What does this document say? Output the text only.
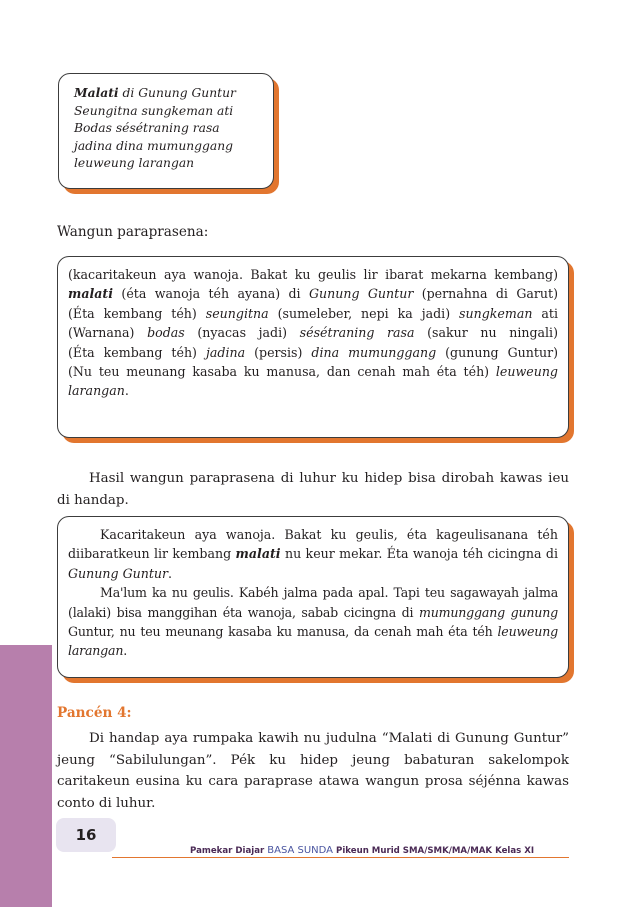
Malati di Gunung Guntur
Seungitna sungkeman ati
Bodas sésétraning rasa
jadina dina mumunggang
leuweung larangan
Wangun paraprasena:

(kacaritakeun aya wanoja. Bakat ku geulis lir ibarat mekarna kembang)

malati (éta wanoja téh ayana) di Gunung Guntur (pernahna di Garut)

(Éta kembang téh) seungitna (sumeleber, nepi ka jadi) sungkeman ati

(Warnana) bodas (nyacas jadi) sésétraning rasa (sakur nu ningali)

(Éta kembang téh) jadina (persis) dina mumunggang (gunung Guntur)

(Nu teu meunang kasaba ku manusa, dan cenah mah éta téh) leuweung

larangan.

Hasil wangun paraprasena di luhur ku hidep bisa dirobah kawas ieu di handap.

Kacaritakeun aya wanoja. Bakat ku geulis, éta kageulisanana téh diibaratkeun lir kembang malati nu keur mekar. Éta wanoja téh cicingna di Gunung Guntur.

Ma'lum ka nu geulis. Kabéh jalma pada apal. Tapi teu sagawayah jalma (lalaki) bisa manggihan éta wanoja, sabab cicingna di mumunggang gunung Guntur, nu teu meunang kasaba ku manusa, da cenah mah éta téh leuweung larangan.

Pancén 4:

Di handap aya rumpaka kawih nu judulna “Malati di Gunung Guntur” jeung “Sabilulungan”. Pék ku hidep jeung babaturan sakelompok caritakeun eusina ku cara paraprase atawa wangun prosa séjénna kawas conto di luhur.

16
Pamekar Diajar BASA SUNDA Pikeun Murid SMA/SMK/MA/MAK Kelas XI
